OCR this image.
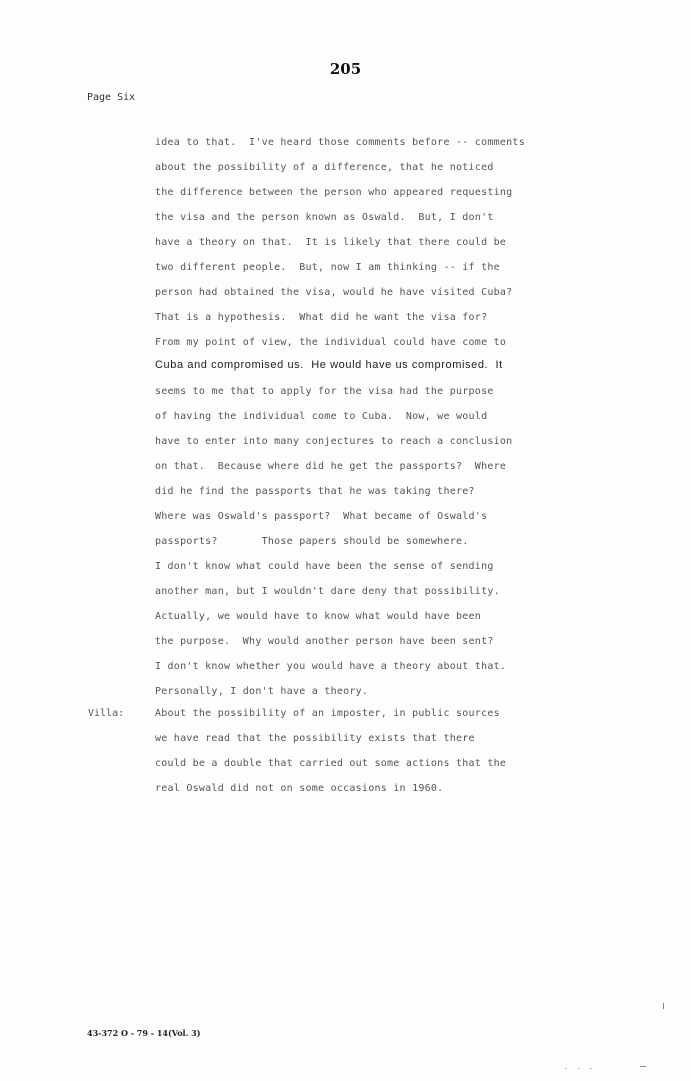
205
Page Six
idea to that.  I've heard those comments before -- comments
about the possibility of a difference, that he noticed
the difference between the person who appeared requesting
the visa and the person known as Oswald.  But, I don't
have a theory on that.  It is likely that there could be
two different people.  But, now I am thinking -- if the
person had obtained the visa, would he have visited Cuba?
That is a hypothesis.  What did he want the visa for?
From my point of view, the individual could have come to
Cuba and compromised us.  He would have us compromised.  It
seems to me that to apply for the visa had the purpose
of having the individual come to Cuba.  Now, we would
have to enter into many conjectures to reach a conclusion
on that.  Because where did he get the passports?  Where
did he find the passports that he was taking there?
Where was Oswald's passport?  What became of Oswald's
passports?       Those papers should be somewhere.
I don't know what could have been the sense of sending
another man, but I wouldn't dare deny that possibility.
Actually, we would have to know what would have been
the purpose.  Why would another person have been sent?
I don't know whether you would have a theory about that.
Personally, I don't have a theory.
Villa:	About the possibility of an imposter, in public sources
we have read that the possibility exists that there
could be a double that carried out some actions that the
real Oswald did not on some occasions in 1960.
43-372 O - 79 - 14(Vol. 3)
